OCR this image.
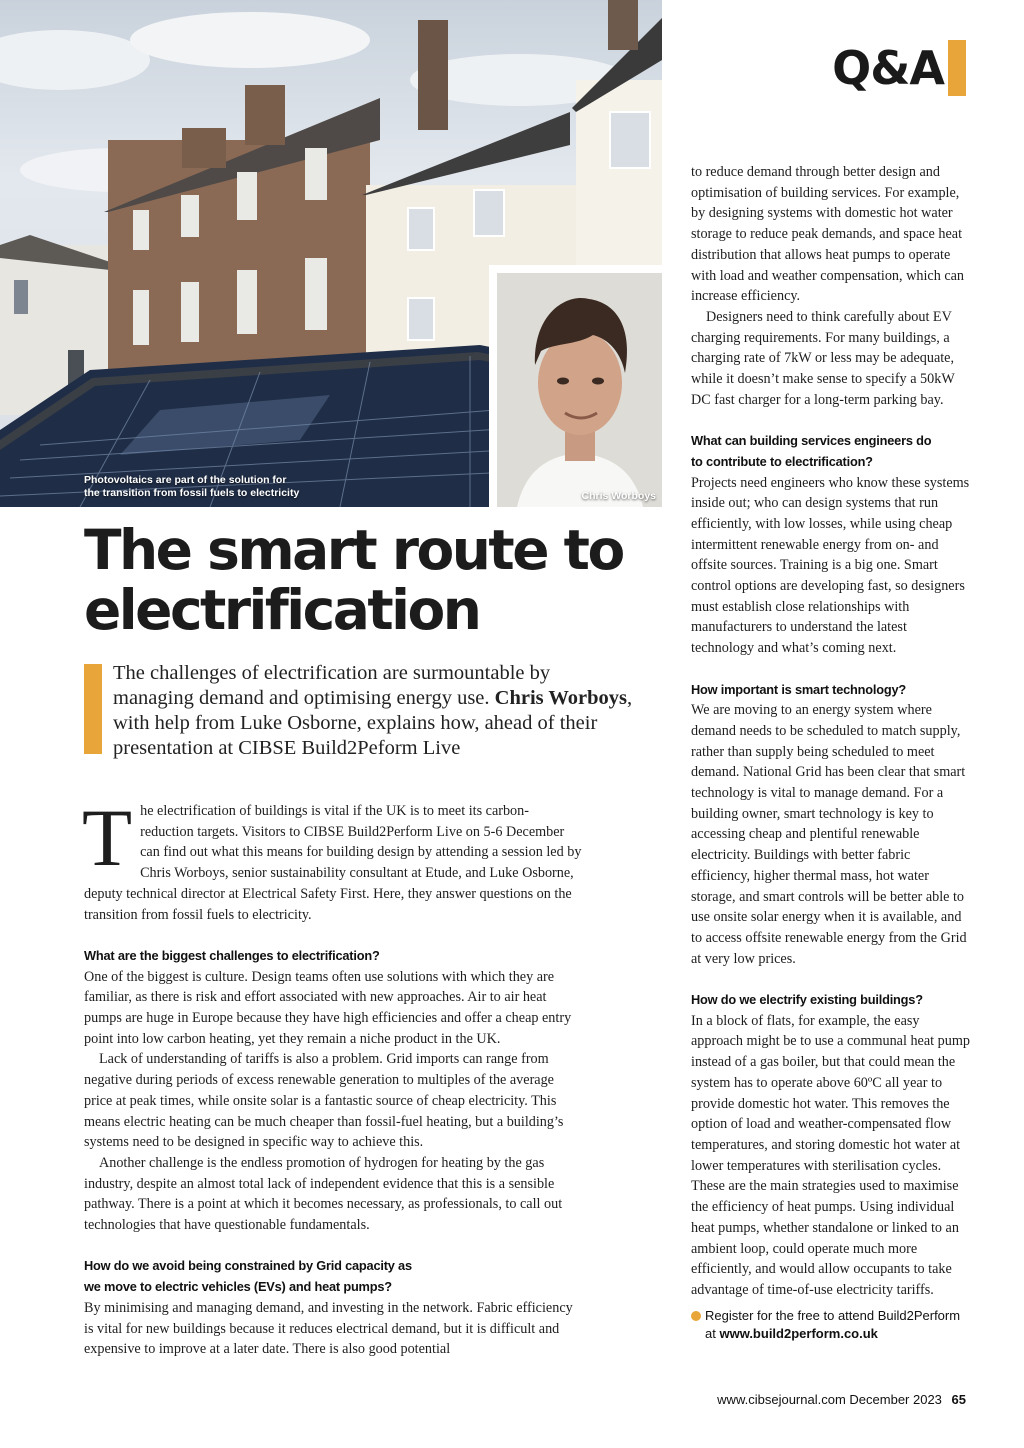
Photovoltaics are part of the solution for
the transition from fossil fuels to electricity	Chris Worboys
Q&A
The smart route to
electrification

The challenges of electrification are surmountable by managing demand and optimising energy use. Chris Worboys, with help from Luke Osborne, explains how, ahead of their presentation at CIBSE Build2Peform Live

The electrification of buildings is vital if the UK is to meet its carbon-reduction targets. Visitors to CIBSE Build2Perform Live on 5-6 December can find out what this means for building design by attending a session led by Chris Worboys, senior sustainability consultant at Etude, and Luke Osborne, deputy technical director at Electrical Safety First. Here, they answer questions on the transition from fossil fuels to electricity.

What are the biggest challenges to electrification?

One of the biggest is culture. Design teams often use solutions with which they are familiar, as there is risk and effort associated with new approaches. Air to air heat pumps are huge in Europe because they have high efficiencies and offer a cheap entry point into low carbon heating, yet they remain a niche product in the UK.

Lack of understanding of tariffs is also a problem. Grid imports can range from negative during periods of excess renewable generation to multiples of the average price at peak times, while onsite solar is a fantastic source of cheap electricity. This means electric heating can be much cheaper than fossil-fuel heating, but a building’s systems need to be designed in specific way to achieve this.

Another challenge is the endless promotion of hydrogen for heating by the gas industry, despite an almost total lack of independent evidence that this is a sensible pathway. There is a point at which it becomes necessary, as professionals, to call out technologies that have questionable fundamentals.

How do we avoid being constrained by Grid capacity as
we move to electric vehicles (EVs) and heat pumps?

By minimising and managing demand, and investing in the network. Fabric efficiency is vital for new buildings because it reduces electrical demand, but it is difficult and expensive to improve at a later date. There is also good potential

to reduce demand through better design and optimisation of building services. For example, by designing systems with domestic hot water storage to reduce peak demands, and space heat distribution that allows heat pumps to operate with load and weather compensation, which can increase efficiency.

Designers need to think carefully about EV charging requirements. For many buildings, a charging rate of 7kW or less may be adequate, while it doesn’t make sense to specify a 50kW DC fast charger for a long-term parking bay.

What can building services engineers do
to contribute to electrification?

Projects need engineers who know these systems inside out; who can design systems that run efficiently, with low losses, while using cheap intermittent renewable energy from on- and offsite sources. Training is a big one. Smart control options are developing fast, so designers must establish close relationships with manufacturers to understand the latest technology and what’s coming next.

How important is smart technology?

We are moving to an energy system where demand needs to be scheduled to match supply, rather than supply being scheduled to meet demand. National Grid has been clear that smart technology is vital to manage demand. For a building owner, smart technology is key to accessing cheap and plentiful renewable electricity. Buildings with better fabric efficiency, higher thermal mass, hot water storage, and smart controls will be better able to use onsite solar energy when it is available, and to access offsite renewable energy from the Grid at very low prices.

How do we electrify existing buildings?

In a block of flats, for example, the easy approach might be to use a communal heat pump instead of a gas boiler, but that could mean the system has to operate above 60ºC all year to provide domestic hot water. This removes the option of load and weather-compensated flow temperatures, and storing domestic hot water at lower temperatures with sterilisation cycles. These are the main strategies used to maximise the efficiency of heat pumps. Using individual heat pumps, whether standalone or linked to an ambient loop, could operate much more efficiently, and would allow occupants to take advantage of time-of-use electricity tariffs.

Register for the free to attend Build2Perform
at www.build2perform.co.uk
www.cibsejournal.com December 2023 65
